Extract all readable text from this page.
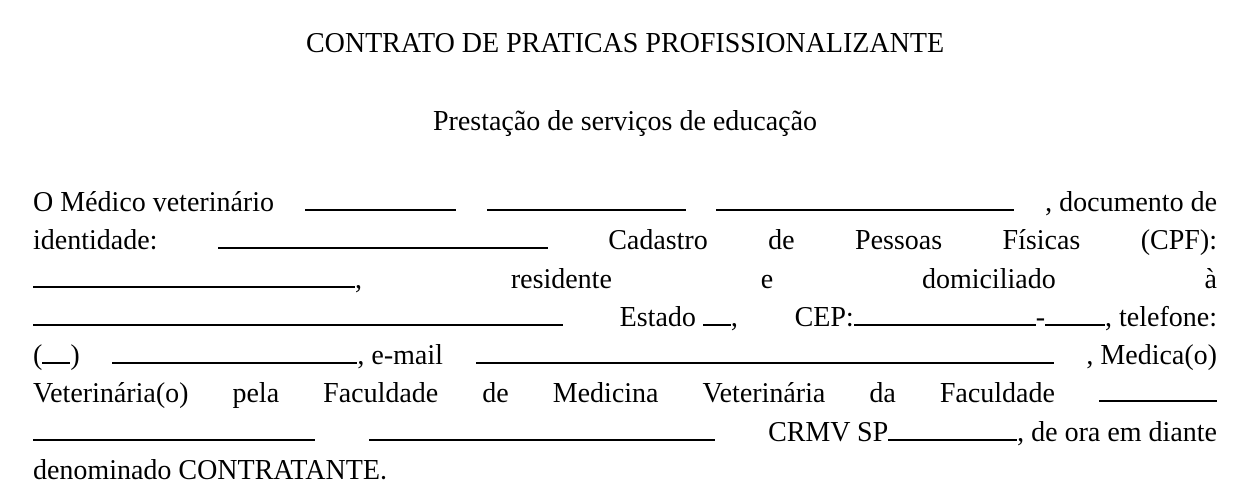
CONTRATO DE PRATICAS PROFISSIONALIZANTE
Prestação de serviços de educação
O Médico veterinário	, documento de
identidade:	Cadastro de Pessoas Físicas (CPF):
,	residente	e	domiciliado	à
Estado , CEP:	- , telefone:
( )	, e-mail	, Medica(o)
Veterinária(o) pela Faculdade de Medicina Veterinária da Faculdade
CRMV SP	, de ora em diante
denominado CONTRATANTE.
